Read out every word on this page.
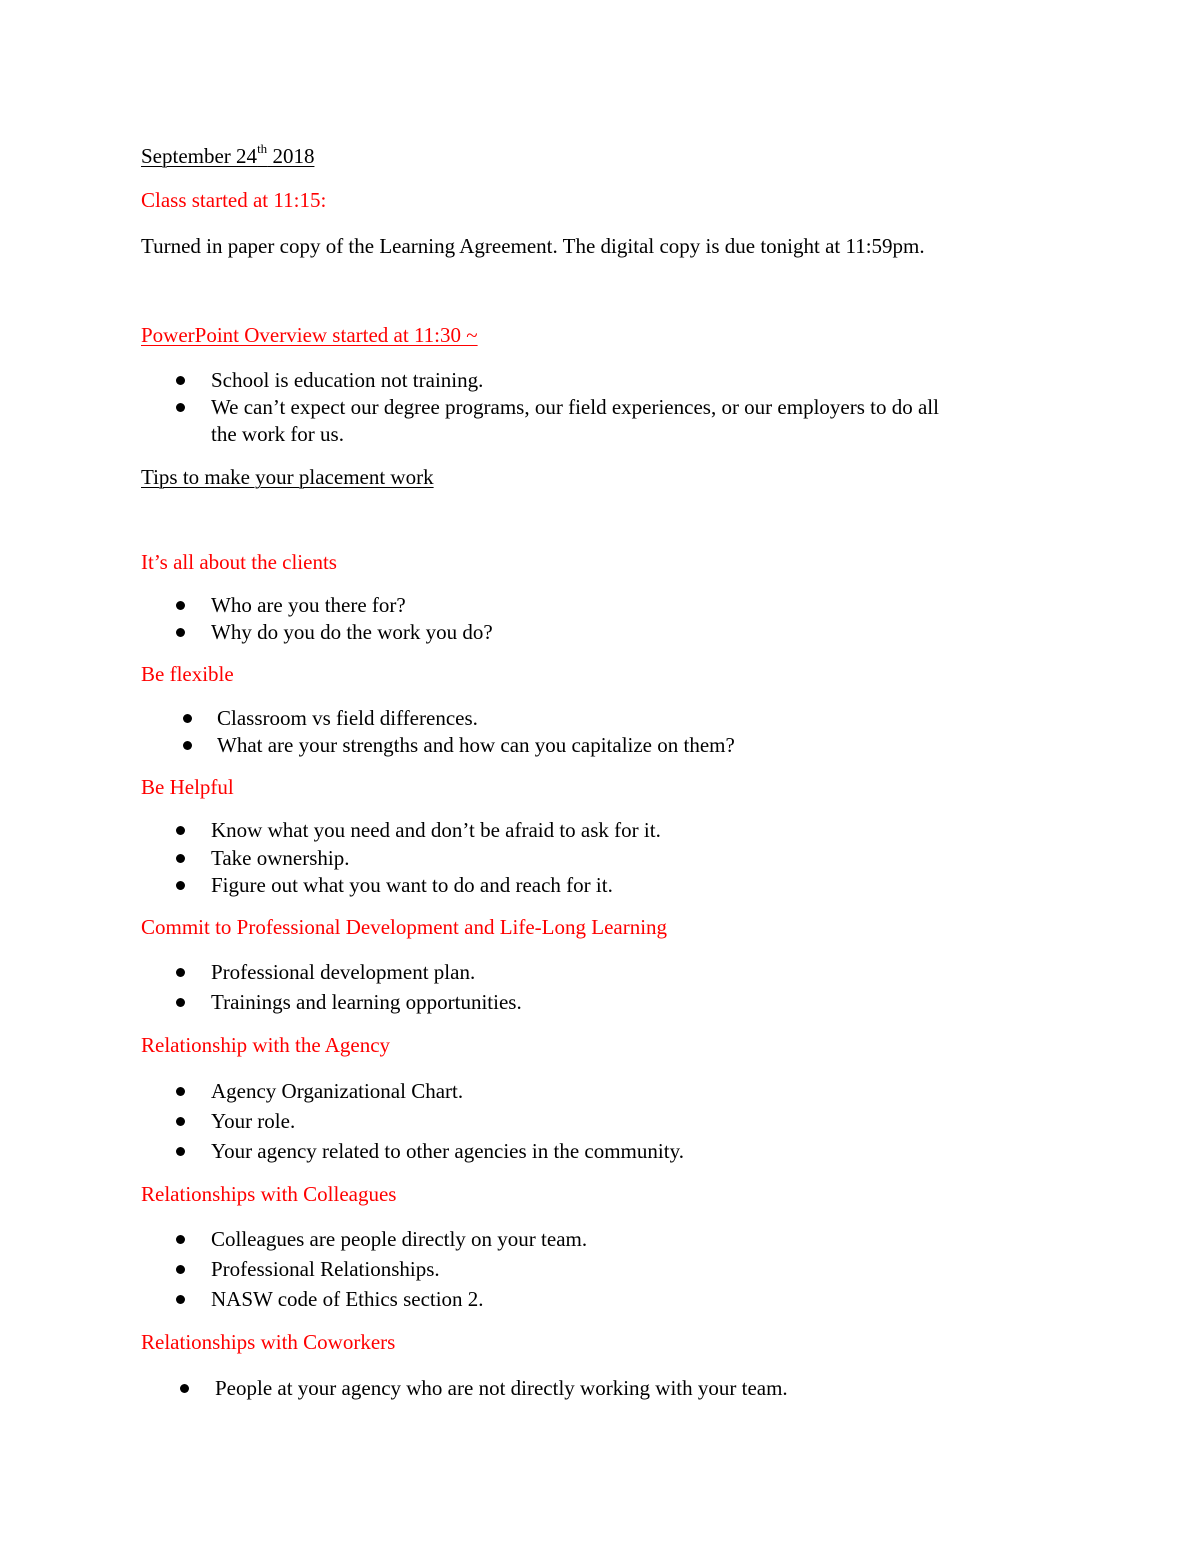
September 24th 2018

Class started at 11:15:

Turned in paper copy of the Learning Agreement. The digital copy is due tonight at 11:59pm.

PowerPoint Overview started at 11:30 ~

School is education not training.

We can’t expect our degree programs, our field experiences, or our employers to do all

the work for us.

Tips to make your placement work

It’s all about the clients

Who are you there for?

Why do you do the work you do?

Be flexible

Classroom vs field differences.

What are your strengths and how can you capitalize on them?

Be Helpful

Know what you need and don’t be afraid to ask for it.

Take ownership.

Figure out what you want to do and reach for it.

Commit to Professional Development and Life-Long Learning

Professional development plan.

Trainings and learning opportunities.

Relationship with the Agency

Agency Organizational Chart.

Your role.

Your agency related to other agencies in the community.

Relationships with Colleagues

Colleagues are people directly on your team.

Professional Relationships.

NASW code of Ethics section 2.

Relationships with Coworkers

People at your agency who are not directly working with your team.
